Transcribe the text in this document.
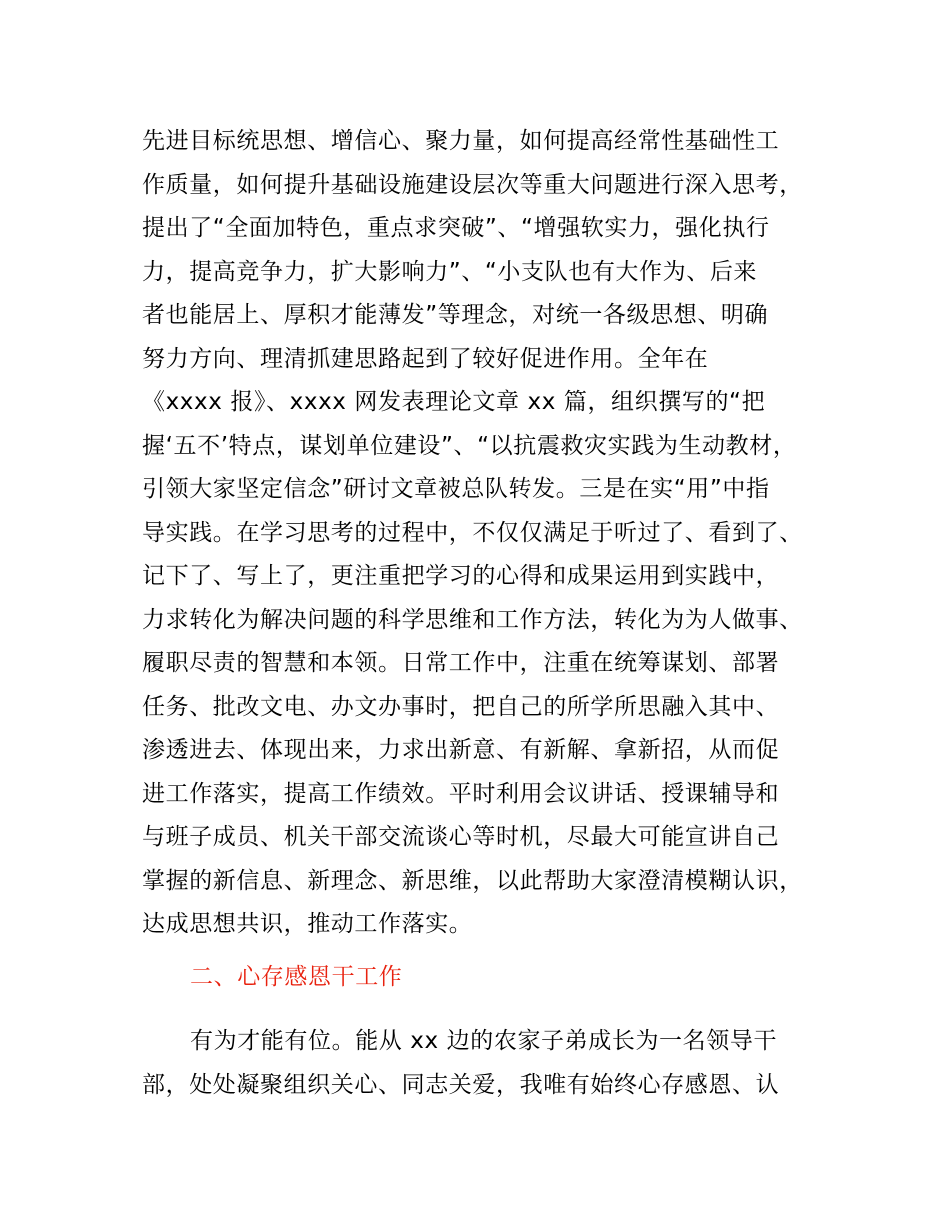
先进目标统思想、增信心、聚力量，如何提高经常性基础性工
作质量，如何提升基础设施建设层次等重大问题进行深入思考，
提出了“全面加特色，重点求突破”、“增强软实力，强化执行
力，提高竞争力，扩大影响力”、“小支队也有大作为、后来
者也能居上、厚积才能薄发”等理念，对统一各级思想、明确
努力方向、理清抓建思路起到了较好促进作用。全年在
《xxxx 报》、xxxx 网发表理论文章 xx 篇，组织撰写的“把
握‘五不’特点，谋划单位建设”、“以抗震救灾实践为生动教材，
引领大家坚定信念”研讨文章被总队转发。三是在实“用”中指
导实践。在学习思考的过程中，不仅仅满足于听过了、看到了、
记下了、写上了，更注重把学习的心得和成果运用到实践中，
力求转化为解决问题的科学思维和工作方法，转化为为人做事、
履职尽责的智慧和本领。日常工作中，注重在统筹谋划、部署
任务、批改文电、办文办事时，把自己的所学所思融入其中、
渗透进去、体现出来，力求出新意、有新解、拿新招，从而促
进工作落实，提高工作绩效。平时利用会议讲话、授课辅导和
与班子成员、机关干部交流谈心等时机，尽最大可能宣讲自己
掌握的新信息、新理念、新思维，以此帮助大家澄清模糊认识，
达成思想共识，推动工作落实。
二、心存感恩干工作
有为才能有位。能从 xx 边的农家子弟成长为一名领导干
部，处处凝聚组织关心、同志关爱，我唯有始终心存感恩、认
